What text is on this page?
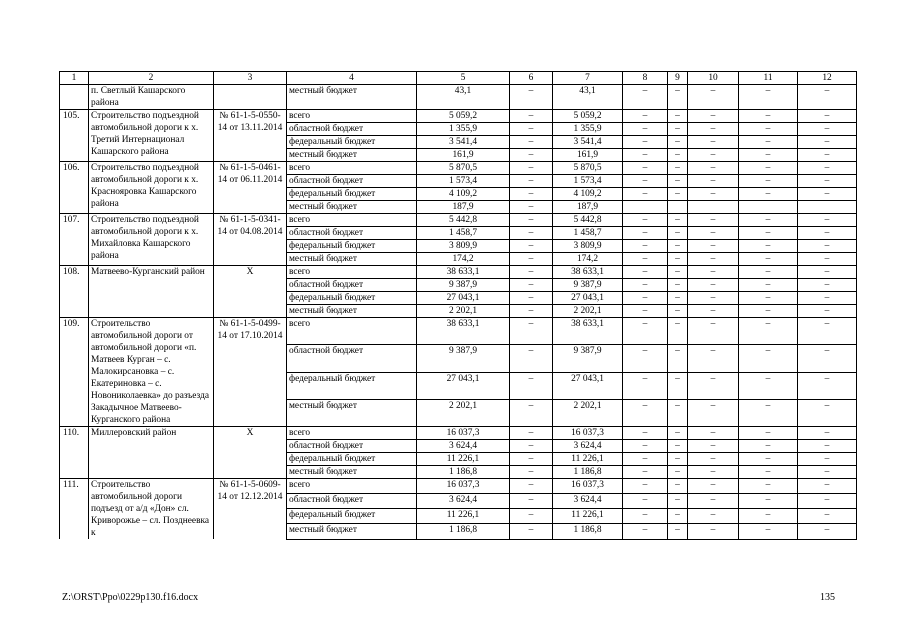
1	2	3	4	5	6	7	8	9	10	11	12
	п. Светлый Кашарского района		местный бюджет	43,1	–	43,1	–	–	–	–	–
105.	Строительство подъездной автомобильной дороги к х. Третий Интернационал Кашарского района	№ 61-1-5-0550-14 от 13.11.2014	всего	5 059,2	–	5 059,2	–	–	–	–	–
			областной бюджет	1 355,9	–	1 355,9	–	–	–	–	–
			федеральный бюджет	3 541,4	–	3 541,4	–	–	–	–	–
			местный бюджет	161,9	–	161,9	–	–	–	–	–
106.	Строительство подъездной автомобильной дороги к х. Краснояровка Кашарского района	№ 61-1-5-0461-14 от 06.11.2014	всего	5 870,5	–	5 870,5	–	–	–	–	–
			областной бюджет	1 573,4	–	1 573,4	–	–	–	–	–
			федеральный бюджет	4 109,2	–	4 109,2	–	–	–	–	–
			местный бюджет	187,9	–	187,9					
107.	Строительство подъездной автомобильной дороги к х. Михайловка Кашарского района	№ 61-1-5-0341-14 от 04.08.2014	всего	5 442,8	–	5 442,8	–	–	–	–	–
			областной бюджет	1 458,7	–	1 458,7	–	–	–	–	–
			федеральный бюджет	3 809,9	–	3 809,9	–	–	–	–	–
			местный бюджет	174,2	–	174,2	–	–	–	–	–
108.	Матвеево-Курганский район	X	всего	38 633,1	–	38 633,1	–	–	–	–	–
			областной бюджет	9 387,9	–	9 387,9	–	–	–	–	–
			федеральный бюджет	27 043,1	–	27 043,1	–	–	–	–	–
			местный бюджет	2 202,1	–	2 202,1	–	–	–	–	–
109.	Строительство автомобильной дороги от автомобильной дороги «п. Матвеев Курган – с. Малокирсановка – с. Екатериновка – с. Новониколаевка» до разъезда Закадычное Матвеево-Курганского района	№ 61-1-5-0499-14 от 17.10.2014	всего	38 633,1	–	38 633,1	–	–	–	–	–
			областной бюджет	9 387,9	–	9 387,9	–	–	–	–	–
			федеральный бюджет	27 043,1	–	27 043,1	–	–	–	–	–
			местный бюджет	2 202,1	–	2 202,1	–	–	–	–	–
110.	Миллеровский район	X	всего	16 037,3	–	16 037,3	–	–	–	–	–
			областной бюджет	3 624,4	–	3 624,4	–	–	–	–	–
			федеральный бюджет	11 226,1	–	11 226,1	–	–	–	–	–
			местный бюджет	1 186,8	–	1 186,8	–	–	–	–	–
111.	Строительство автомобильной дороги подъезд от а/д «Дон» сл. Криворожье – сл. Позднеевка к	№ 61-1-5-0609-14 от 12.12.2014	всего	16 037,3	–	16 037,3	–	–	–	–	–
			областной бюджет	3 624,4	–	3 624,4	–	–	–	–	–
			федеральный бюджет	11 226,1	–	11 226,1	–	–	–	–	–
			местный бюджет	1 186,8	–	1 186,8	–	–	–	–	–
Z:\ORST\Ppo\0229p130.f16.docx	135
